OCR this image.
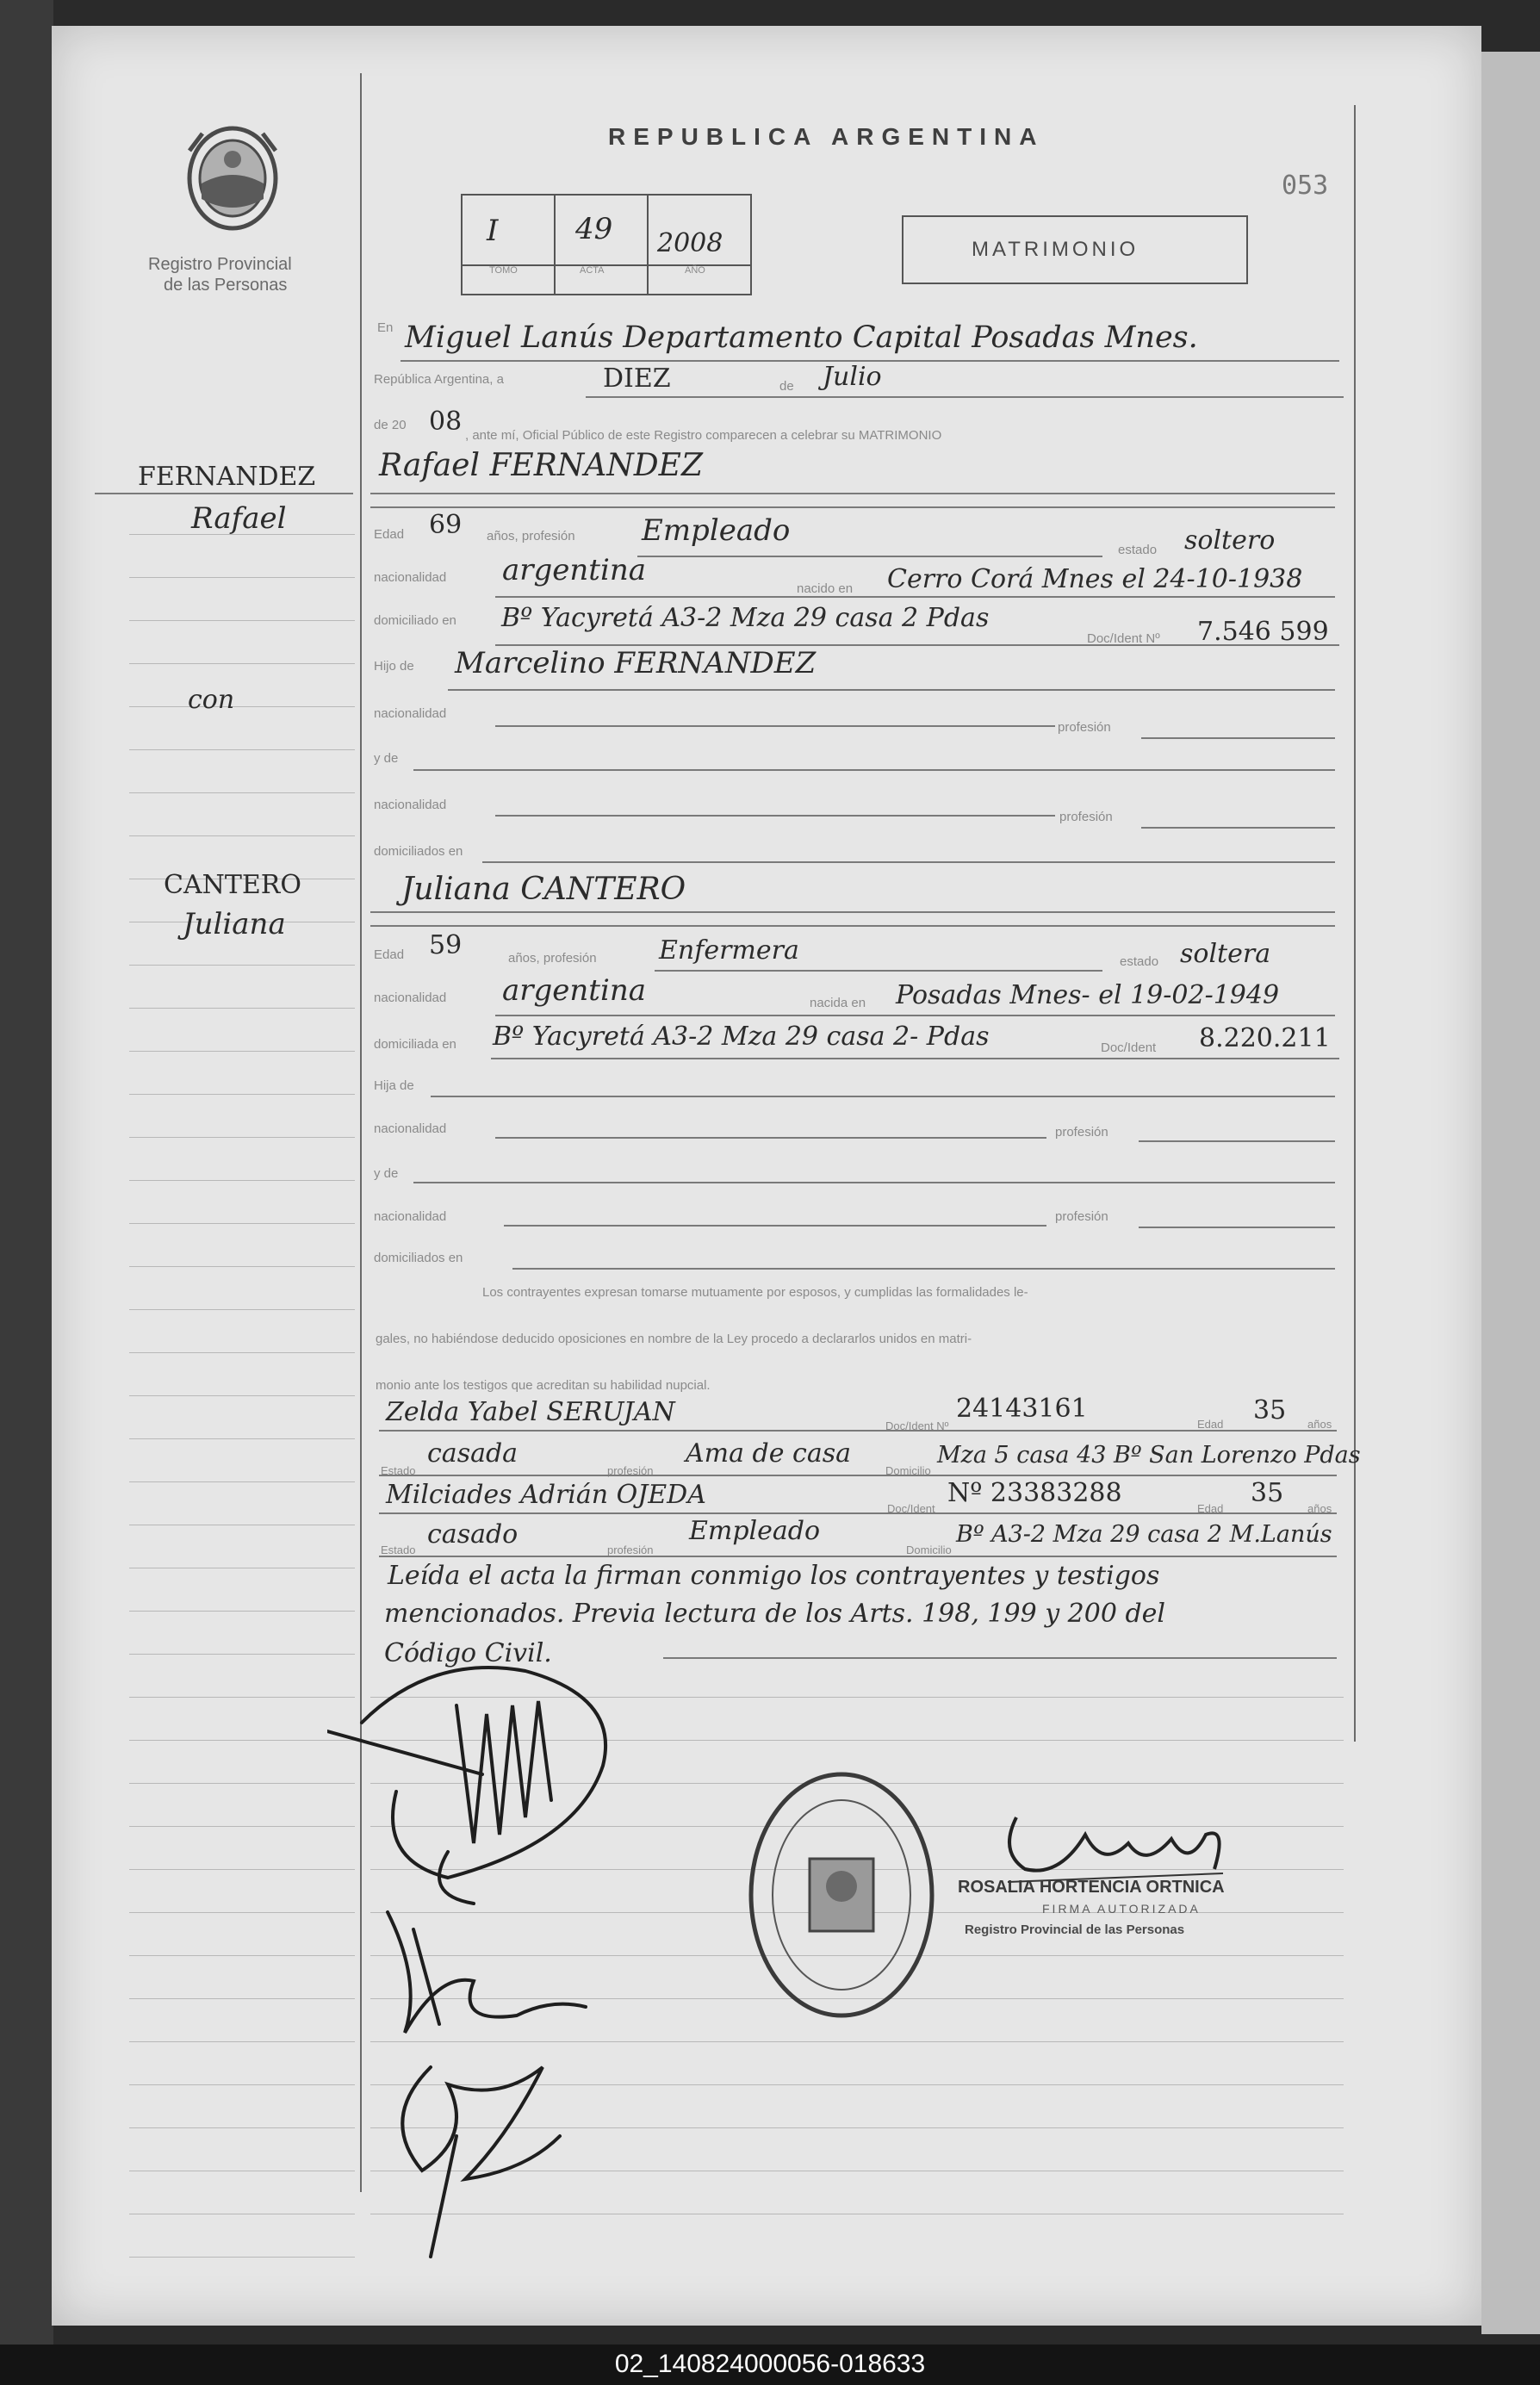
Registro Provincial
de las Personas
REPUBLICA ARGENTINA
053
I	49 2008
TOMO	ACTA	AÑO
MATRIMONIO
FERNANDEZ
Rafael
con
CANTERO
Juliana
En Miguel Lanús Departamento Capital Posadas Mnes.
República Argentina, a	DIEZ	de Julio
de 20 08 , ante mí, Oficial Público de este Registro comparecen a celebrar su MATRIMONIO
Rafael FERNANDEZ
Edad 69 años, profesión Empleado
estado soltero
nacionalidad argentina
nacido en Cerro Corá Mnes el 24-10-1938
domiciliado en Bº Yacyretá A3-2 Mza 29 casa 2 Pdas
Doc/Ident Nº 7.546 599
Hijo de Marcelino FERNANDEZ
nacionalidad
profesión
y de
nacionalidad
profesión
domiciliados en
Juliana CANTERO
Edad 59	años, profesión Enfermera	estado soltera
nacionalidad argentina	nacida en Posadas Mnes- el 19-02-1949
domiciliada en Bº Yacyretá A3-2 Mza 29 casa 2- Pdas	Doc/Ident 8.220.211
Hija de
nacionalidad	profesión
y de
nacionalidad	profesión
domiciliados en
Los contrayentes expresan tomarse mutuamente por esposos, y cumplidas las formalidades le-
gales, no habiéndose deducido oposiciones en nombre de la Ley procedo a declararlos unidos en matri-
monio ante los testigos que acreditan su habilidad nupcial.
Zelda Yabel SERUJAN	Doc/Ident Nº
24143161
Edad 35 años
Estado
casada
profesión
Ama de casa
Domicilio
Mza 5 casa 43 Bº San Lorenzo Pdas
Milciades Adrián OJEDA	Doc/Ident
Nº 23383288
Edad
35
años
Estado
casado
profesión
Empleado
Domicilio
Bº A3-2 Mza 29 casa 2 M.Lanús
Leída el acta la firman conmigo los contrayentes y testigos
mencionados. Previa lectura de los Arts. 198, 199 y 200 del
Código Civil.
ROSALIA HORTENCIA ORTNICA
FIRMA AUTORIZADA
Registro Provincial de las Personas
02_140824000056-018633
